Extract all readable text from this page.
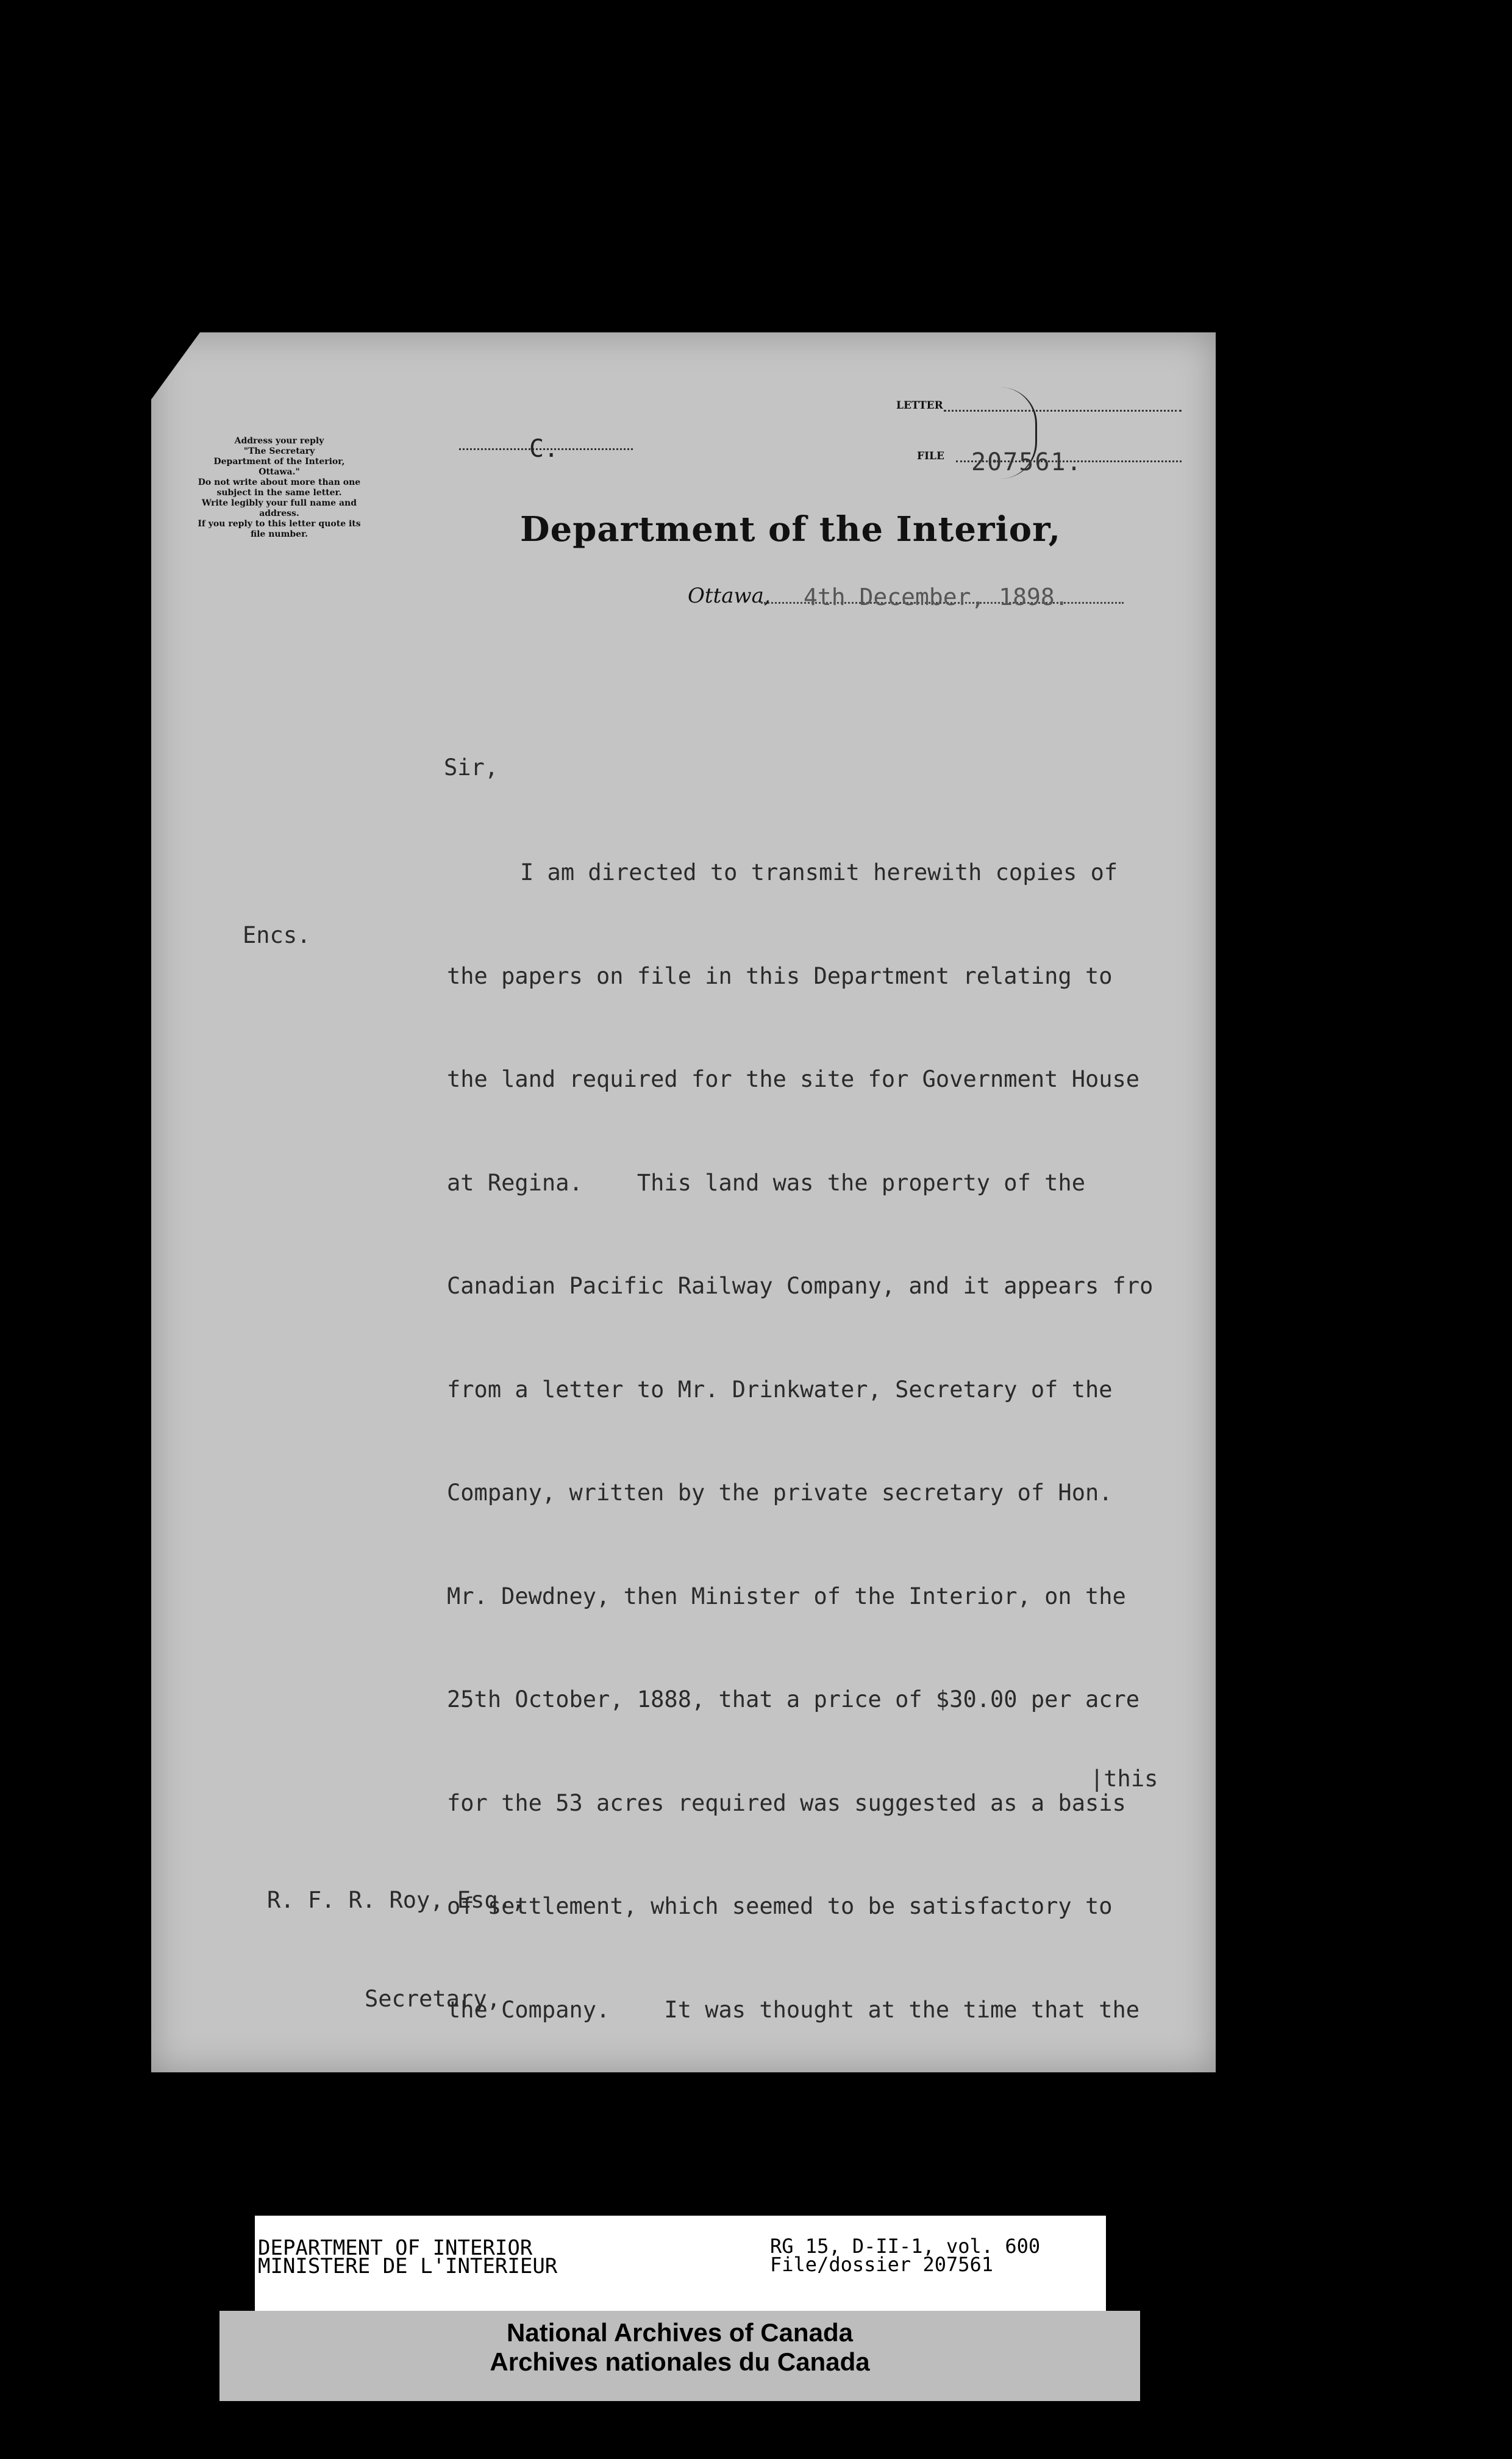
Address your reply
"The Secretary
Department of the Interior,
Ottawa."
Do not write about more than one
subject in the same letter.
Write legibly your full name and
address.
If you reply to this letter quote its
file number.
LETTER
FILE 207561.
C.
Department of the Interior,
Ottawa, 4th December, 1898.
Sir,
Encs.

I am directed to transmit herewith copies of

the papers on file in this Department relating to

the land required for the site for Government House

at Regina.    This land was the property of the

Canadian Pacific Railway Company, and it appears fro

from a letter to Mr. Drinkwater, Secretary of the

Company, written by the private secretary of Hon.

Mr. Dewdney, then Minister of the Interior, on the

25th October, 1888, that a price of $30.00 per acre

for the 53 acres required was suggested as a basis

of settlement, which seemed to be satisfactory to

the Company.    It was thought at the time that the

|this

R. F. R. Roy, Esq.,

Secretary,

DEPARTMENT OF INTERIOR
MINISTERE DE L'INTERIEUR
RG 15, D-II-1, vol. 600
File/dossier 207561
National Archives of Canada
Archives nationales du Canada
